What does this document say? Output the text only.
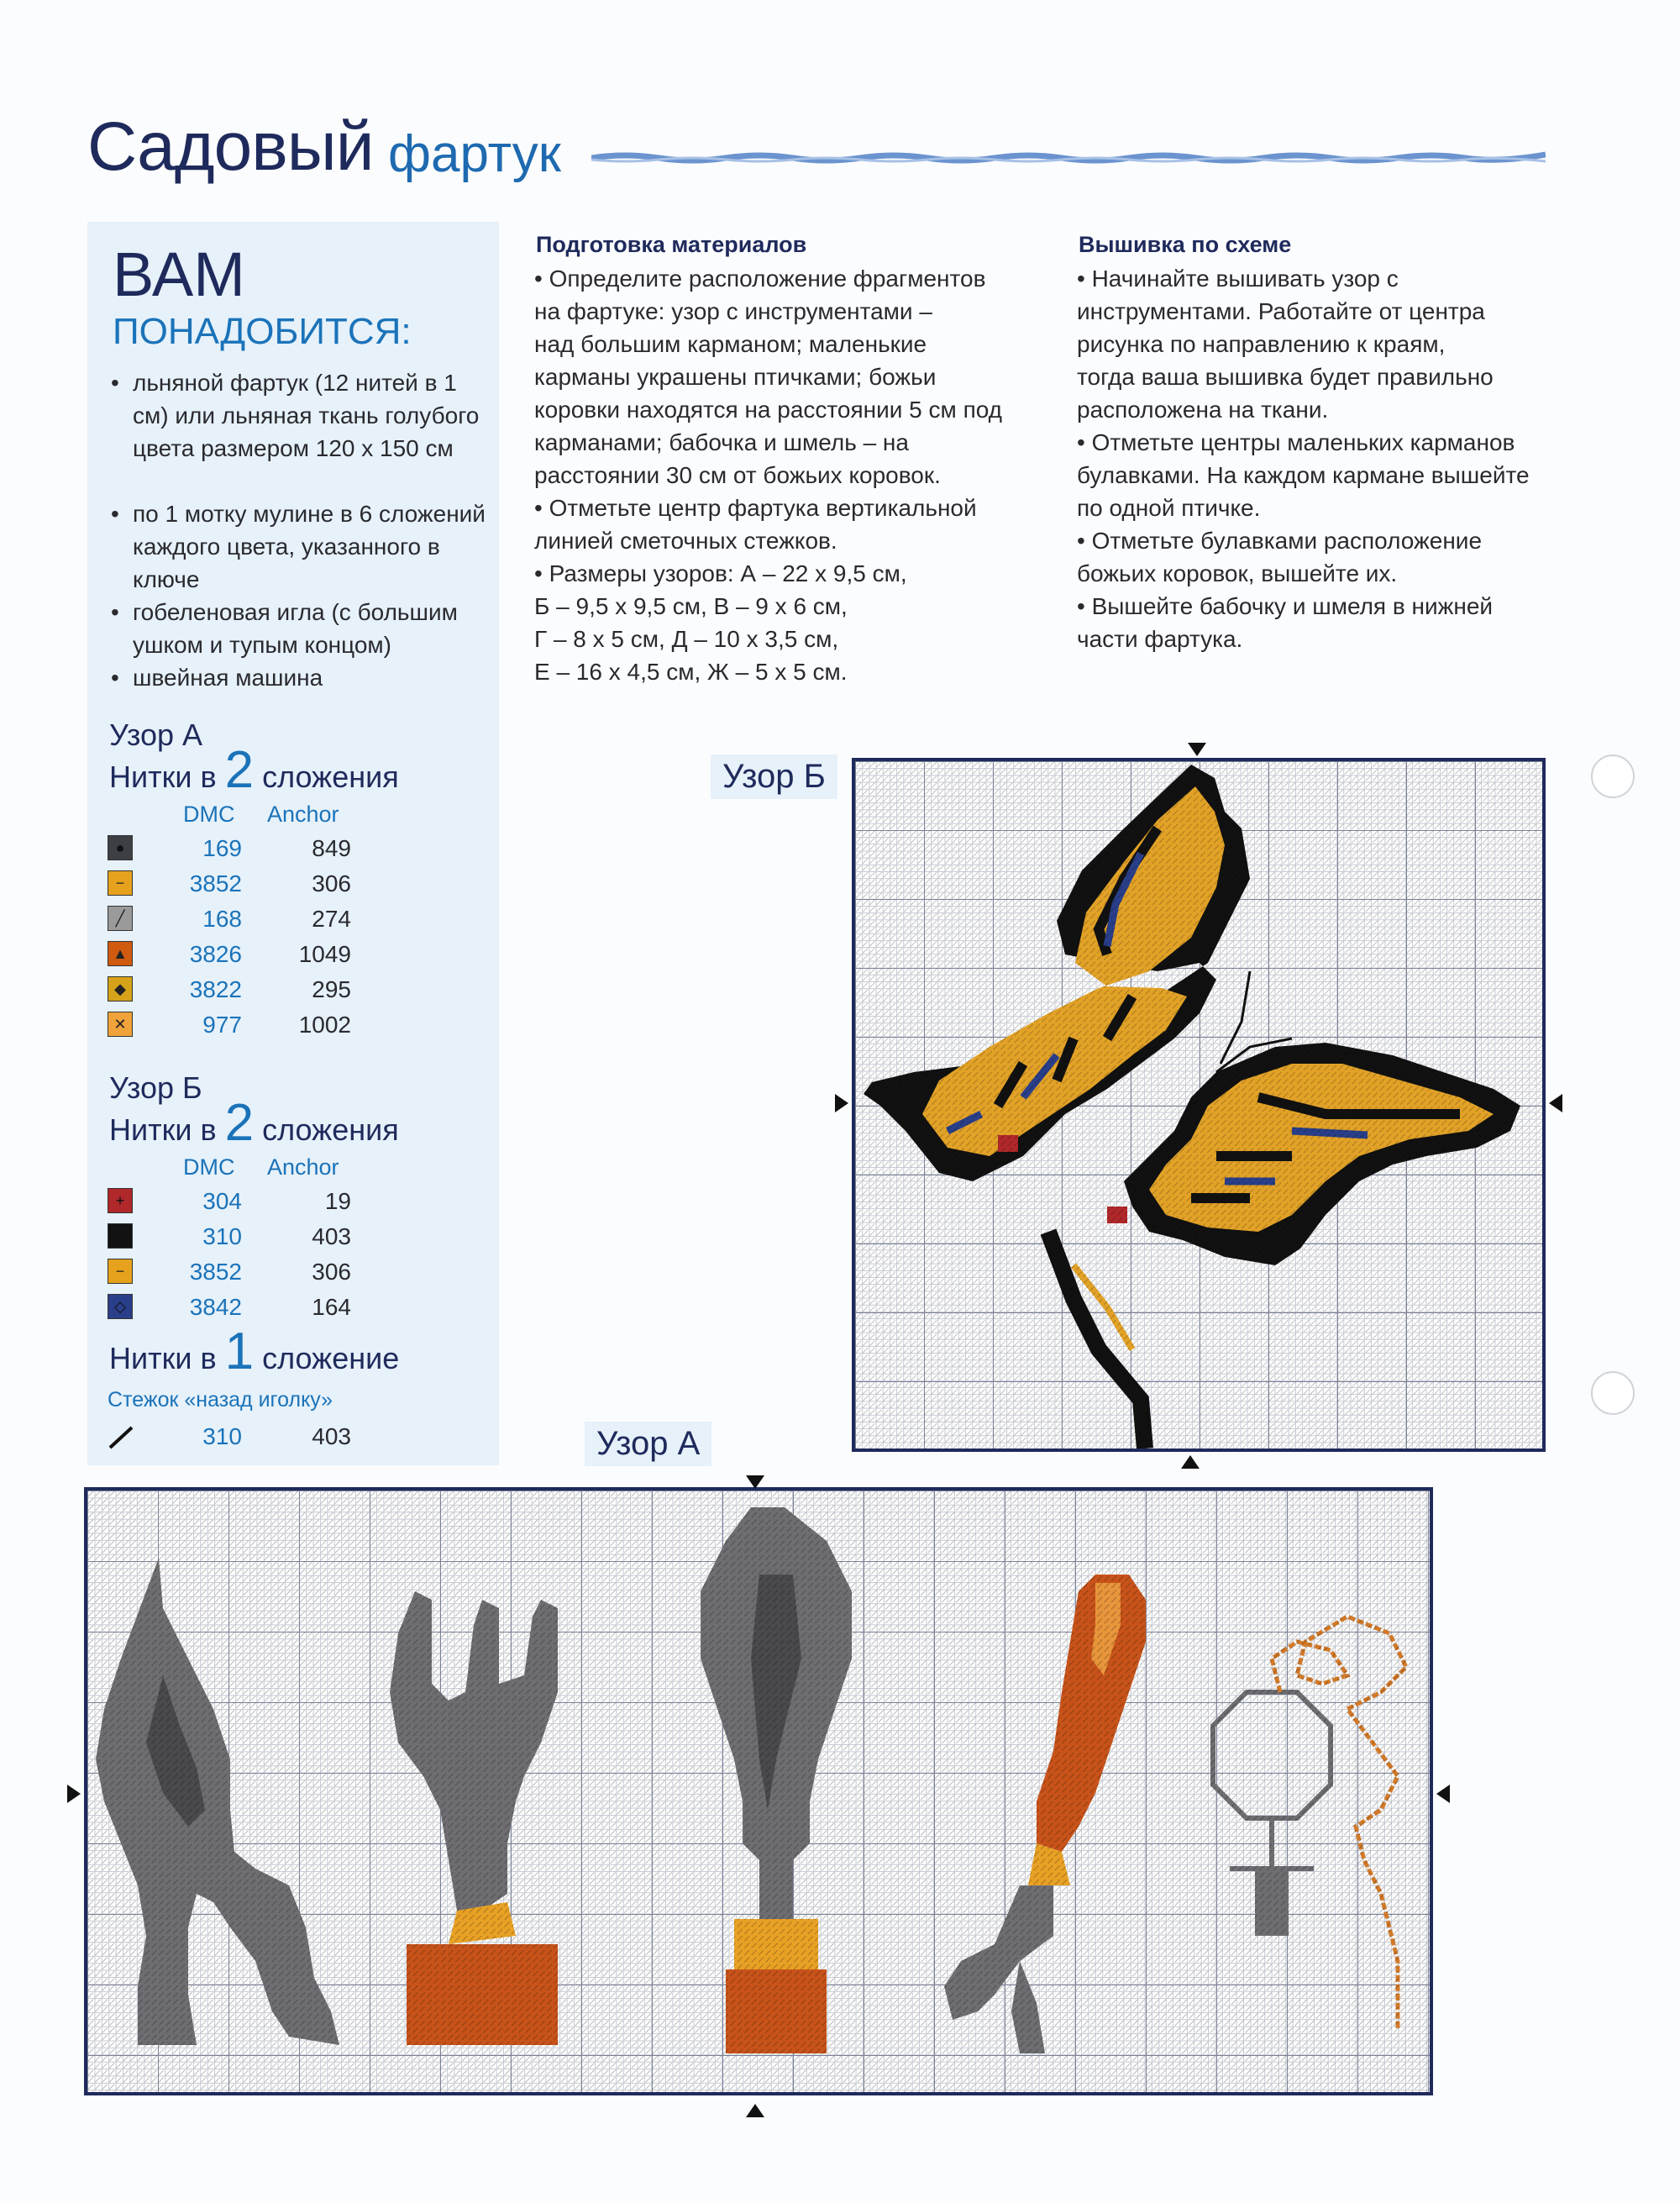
Садовый фартук
ВАМ
ПОНАДОБИТСЯ:
• льняной фартук (12 нитей в 1 см) или льняная ткань голубого цвета размером 120 х 150 см
• по 1 мотку мулине в 6 сложений каждого цвета, указанного в ключе
• гобеленовая игла (с большим ушком и тупым концом)
• швейная машина
Узор А
Нитки в 2 сложения
DMC Anchor
●	169	849
−	3852	306
╱	168	274
▲	3826	1049
◆	3822	295
✕	977	1002
Узор Б
Нитки в 2 сложения
DMC Anchor
+	304	19
310	403
−	3852	306
◇	3842	164
Нитки в 1 сложение
Стежок «назад иголку»
310	403
Подготовка материалов
• Определите расположение фрагментов
на фартуке: узор с инструментами –
над большим карманом; маленькие
карманы украшены птичками; божьи
коровки находятся на расстоянии 5 см под
карманами; бабочка и шмель – на
расстоянии 30 см от божьих коровок.
• Отметьте центр фартука вертикальной
линией сметочных стежков.
• Размеры узоров: А – 22 х 9,5 см,
Б – 9,5 х 9,5 см, В – 9 х 6 см,
Г – 8 х 5 см, Д – 10 х 3,5 см,
Е – 16 х 4,5 см, Ж – 5 х 5 см.
Вышивка по схеме
• Начинайте вышивать узор с
инструментами. Работайте от центра
рисунка по направлению к краям,
тогда ваша вышивка будет правильно
расположена на ткани.
• Отметьте центры маленьких карманов
булавками. На каждом кармане вышейте
по одной птичке.
• Отметьте булавками расположение
божьих коровок, вышейте их.
• Вышейте бабочку и шмеля в нижней
части фартука.
Узор Б
Узор А
